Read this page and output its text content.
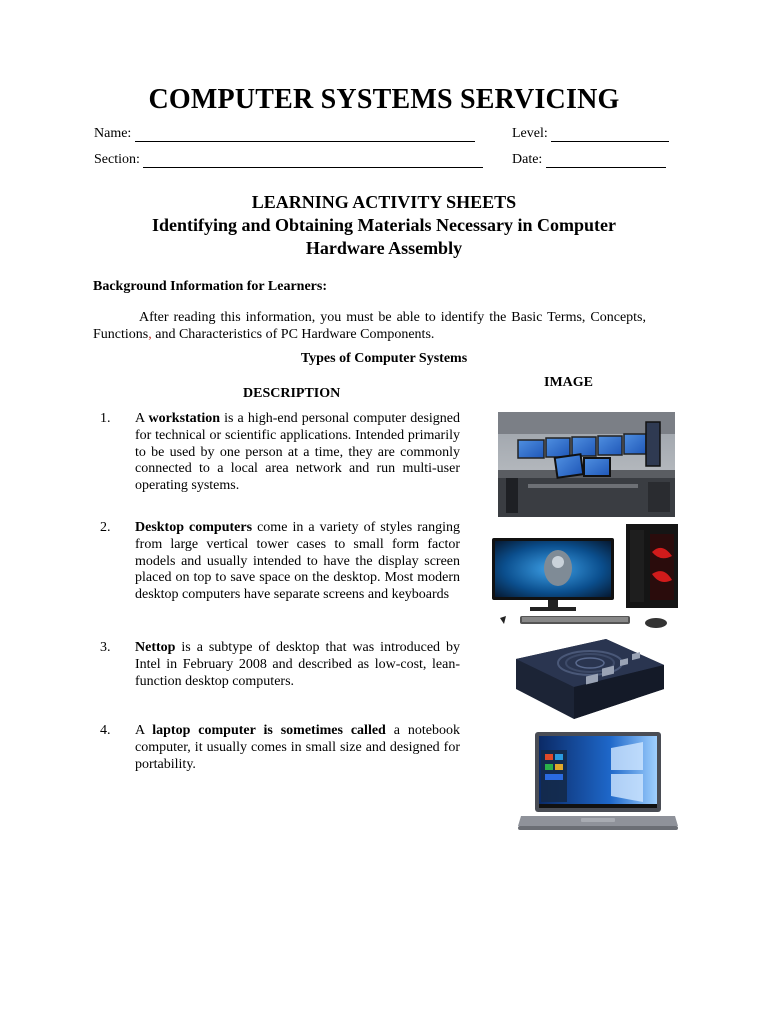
COMPUTER SYSTEMS SERVICING
Name:	Level:
Section:	Date:
LEARNING ACTIVITY SHEETS
Identifying and Obtaining Materials Necessary in Computer
Hardware Assembly
Background Information for Learners:
After reading this information, you must be able to identify the Basic Terms, Concepts, Functions, and Characteristics of PC Hardware Components.
Types of Computer Systems
IMAGE
DESCRIPTION
1. A workstation is a high-end personal computer designed for technical or scientific applications. Intended primarily to be used by one person at a time, they are commonly connected to a local area network and run multi-user operating systems.
2. Desktop computers come in a variety of styles ranging from large vertical tower cases to small form factor models and usually intended to have the display screen placed on top to save space on the desktop. Most modern desktop computers have separate screens and keyboards
3. Nettop is a subtype of desktop that was introduced by Intel in February 2008 and described as low-cost, lean-function desktop computers.
4. A laptop computer is sometimes called a notebook computer, it usually comes in small size and designed for portability.
